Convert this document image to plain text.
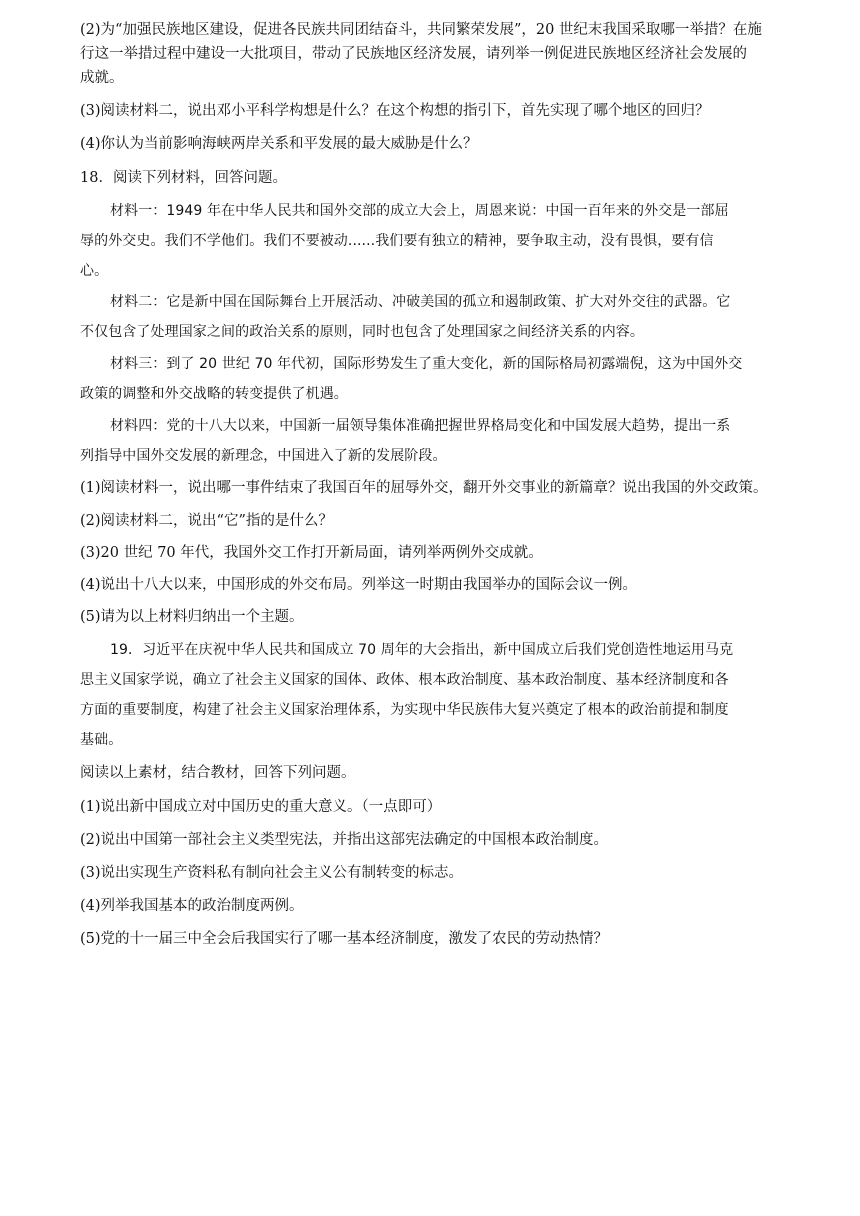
(2)为“加强民族地区建设，促进各民族共同团结奋斗，共同繁荣发展”，20 世纪末我国采取哪一举措？在施
行这一举措过程中建设一大批项目，带动了民族地区经济发展，请列举一例促进民族地区经济社会发展的
成就。
(3)阅读材料二，说出邓小平科学构想是什么？在这个构想的指引下，首先实现了哪个地区的回归？
(4)你认为当前影响海峡两岸关系和平发展的最大威胁是什么？
18．阅读下列材料，回答问题。
材料一：1949 年在中华人民共和国外交部的成立大会上，周恩来说：中国一百年来的外交是一部屈
辱的外交史。我们不学他们。我们不要被动......我们要有独立的精神，要争取主动，没有畏惧，要有信
心。
材料二：它是新中国在国际舞台上开展活动、冲破美国的孤立和遏制政策、扩大对外交往的武器。它
不仅包含了处理国家之间的政治关系的原则，同时也包含了处理国家之间经济关系的内容。
材料三：到了 20 世纪 70 年代初，国际形势发生了重大变化，新的国际格局初露端倪，这为中国外交
政策的调整和外交战略的转变提供了机遇。
材料四：党的十八大以来，中国新一届领导集体准确把握世界格局变化和中国发展大趋势，提出一系
列指导中国外交发展的新理念，中国进入了新的发展阶段。
(1)阅读材料一，说出哪一事件结束了我国百年的屈辱外交，翻开外交事业的新篇章？说出我国的外交政策。
(2)阅读材料二，说出“它”指的是什么？
(3)20 世纪 70 年代，我国外交工作打开新局面，请列举两例外交成就。
(4)说出十八大以来，中国形成的外交布局。列举这一时期由我国举办的国际会议一例。
(5)请为以上材料归纳出一个主题。
19．习近平在庆祝中华人民共和国成立 70 周年的大会指出，新中国成立后我们党创造性地运用马克
思主义国家学说，确立了社会主义国家的国体、政体、根本政治制度、基本政治制度、基本经济制度和各
方面的重要制度，构建了社会主义国家治理体系，为实现中华民族伟大复兴奠定了根本的政治前提和制度
基础。
阅读以上素材，结合教材，回答下列问题。
(1)说出新中国成立对中国历史的重大意义。（一点即可）
(2)说出中国第一部社会主义类型宪法，并指出这部宪法确定的中国根本政治制度。
(3)说出实现生产资料私有制向社会主义公有制转变的标志。
(4)列举我国基本的政治制度两例。
(5)党的十一届三中全会后我国实行了哪一基本经济制度，激发了农民的劳动热情？
